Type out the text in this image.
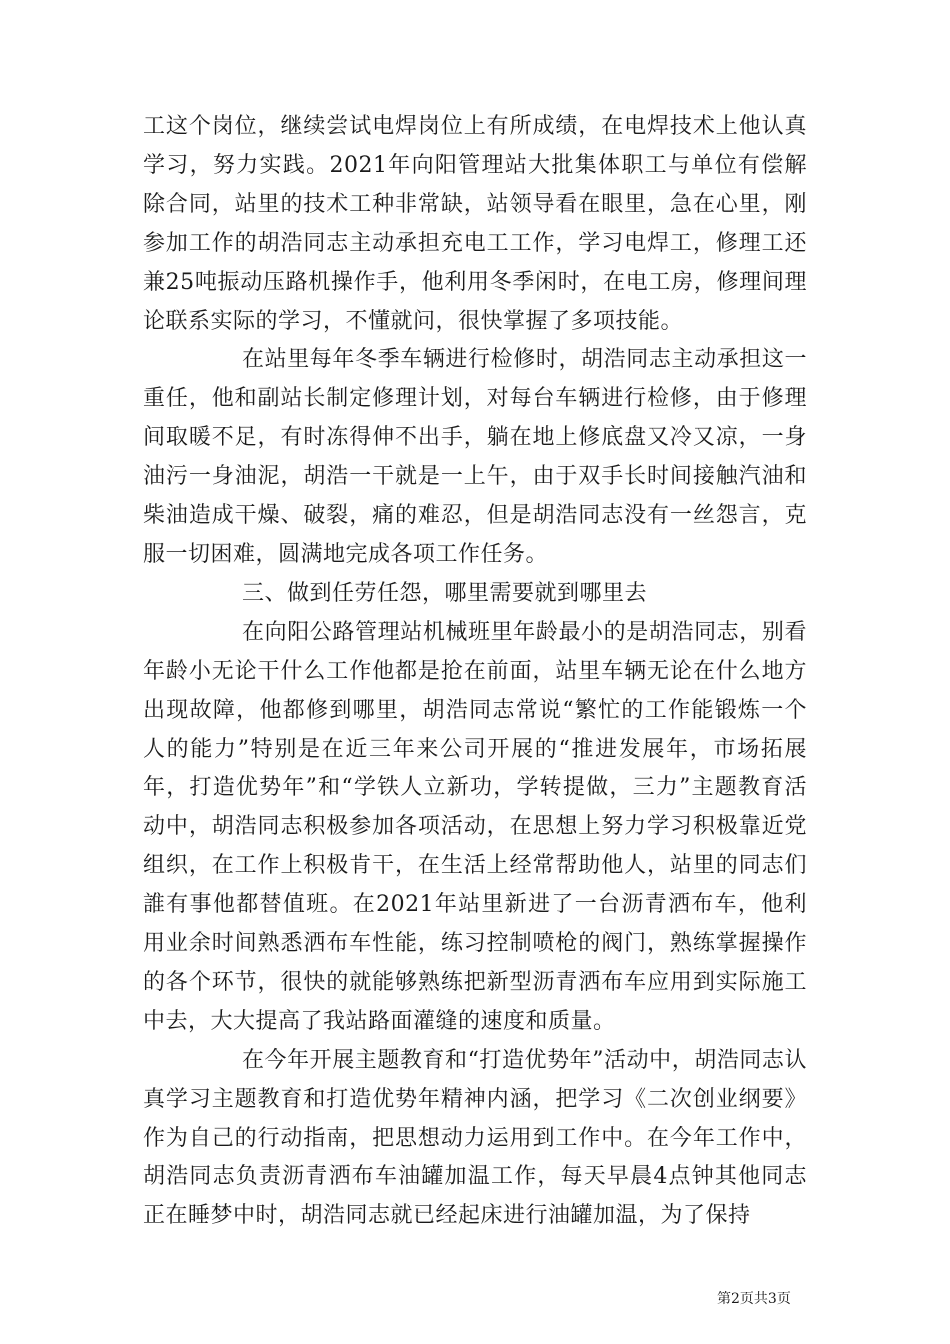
工这个岗位，继续尝试电焊岗位上有所成绩，在电焊技术上他认真学习，努力实践。2021年向阳管理站大批集体职工与单位有偿解除合同，站里的技术工种非常缺，站领导看在眼里，急在心里，刚参加工作的胡浩同志主动承担充电工工作，学习电焊工，修理工还兼25吨振动压路机操作手，他利用冬季闲时，在电工房，修理间理论联系实际的学习，不懂就问，很快掌握了多项技能。

在站里每年冬季车辆进行检修时，胡浩同志主动承担这一重任，他和副站长制定修理计划，对每台车辆进行检修，由于修理间取暖不足，有时冻得伸不出手，躺在地上修底盘又冷又凉，一身油污一身油泥，胡浩一干就是一上午，由于双手长时间接触汽油和柴油造成干燥、破裂，痛的难忍，但是胡浩同志没有一丝怨言，克服一切困难，圆满地完成各项工作任务。

三、做到任劳任怨，哪里需要就到哪里去

在向阳公路管理站机械班里年龄最小的是胡浩同志，别看年龄小无论干什么工作他都是抢在前面，站里车辆无论在什么地方出现故障，他都修到哪里，胡浩同志常说“繁忙的工作能锻炼一个人的能力”特别是在近三年来公司开展的“推进发展年，市场拓展年，打造优势年”和“学铁人立新功，学转提做，三力”主题教育活动中，胡浩同志积极参加各项活动，在思想上努力学习积极靠近党组织，在工作上积极肯干，在生活上经常帮助他人，站里的同志们誰有事他都替值班。在2021年站里新进了一台沥青洒布车，他利用业余时间熟悉洒布车性能，练习控制喷枪的阀门，熟练掌握操作的各个环节，很快的就能够熟练把新型沥青洒布车应用到实际施工中去，大大提高了我站路面灌缝的速度和质量。

在今年开展主题教育和“打造优势年”活动中，胡浩同志认真学习主题教育和打造优势年精神内涵，把学习《二次创业纲要》作为自己的行动指南，把思想动力运用到工作中。在今年工作中，胡浩同志负责沥青洒布车油罐加温工作，每天早晨4点钟其他同志正在睡梦中时，胡浩同志就已经起床进行油罐加温，为了保持

第2页共3页
